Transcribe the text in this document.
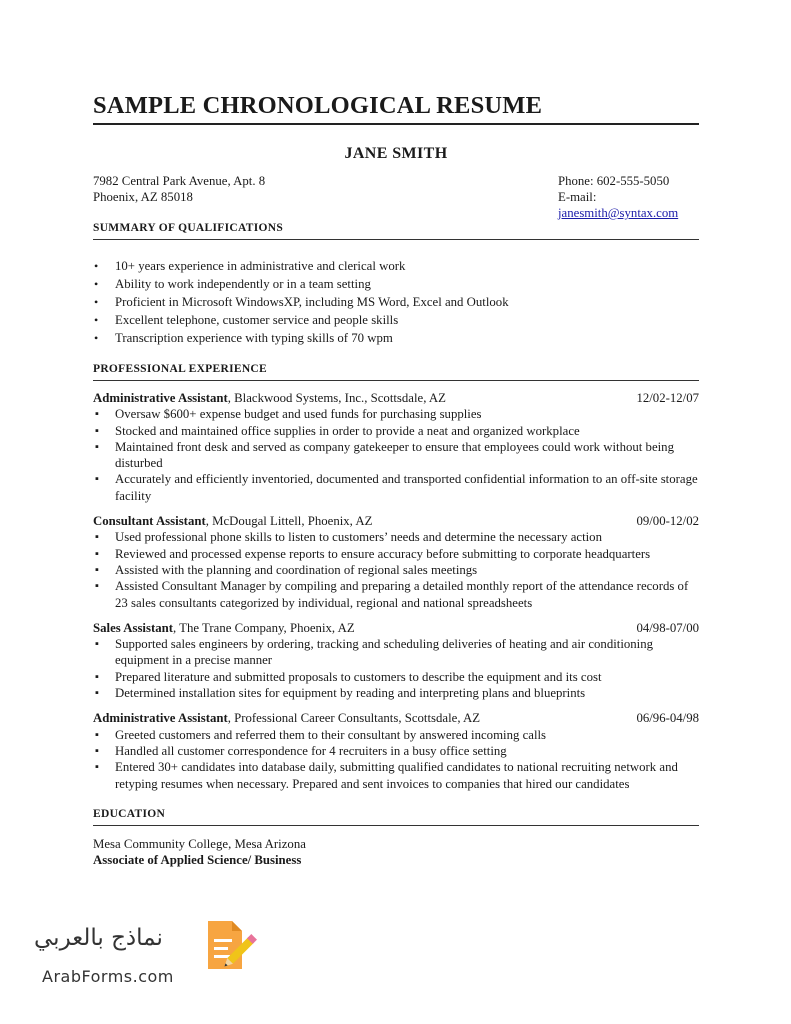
SAMPLE CHRONOLOGICAL RESUME
JANE SMITH
7982 Central Park Avenue, Apt. 8
Phoenix, AZ 85018
Phone: 602-555-5050
E-mail: janesmith@syntax.com
SUMMARY OF QUALIFICATIONS
• 10+ years experience in administrative and clerical work
• Ability to work independently or in a team setting
• Proficient in Microsoft WindowsXP, including MS Word, Excel and Outlook
• Excellent telephone, customer service and people skills
• Transcription experience with typing skills of 70 wpm
PROFESSIONAL EXPERIENCE
Administrative Assistant, Blackwood Systems, Inc., Scottsdale, AZ	12/02-12/07
▪ Oversaw $600+ expense budget and used funds for purchasing supplies
▪ Stocked and maintained office supplies in order to provide a neat and organized workplace
▪ Maintained front desk and served as company gatekeeper to ensure that employees could work without being disturbed
▪ Accurately and efficiently inventoried, documented and transported confidential information to an off-site storage facility
Consultant Assistant, McDougal Littell, Phoenix, AZ	09/00-12/02
▪ Used professional phone skills to listen to customers’ needs and determine the necessary action
▪ Reviewed and processed expense reports to ensure accuracy before submitting to corporate headquarters
▪ Assisted with the planning and coordination of regional sales meetings
▪ Assisted Consultant Manager by compiling and preparing a detailed monthly report of the attendance records of 23 sales consultants categorized by individual, regional and national spreadsheets
Sales Assistant, The Trane Company, Phoenix, AZ	04/98-07/00
▪ Supported sales engineers by ordering, tracking and scheduling deliveries of heating and air conditioning equipment in a precise manner
▪ Prepared literature and submitted proposals to customers to describe the equipment and its cost
▪ Determined installation sites for equipment by reading and interpreting plans and blueprints
Administrative Assistant, Professional Career Consultants, Scottsdale, AZ	06/96-04/98
▪ Greeted customers and referred them to their consultant by answered incoming calls
▪ Handled all customer correspondence for 4 recruiters in a busy office setting
▪ Entered 30+ candidates into database daily, submitting qualified candidates to national recruiting network and retyping resumes when necessary. Prepared and sent invoices to companies that hired our candidates
EDUCATION
Mesa Community College, Mesa Arizona
Associate of Applied Science/ Business
نماذج بالعربي
ArabForms.com
